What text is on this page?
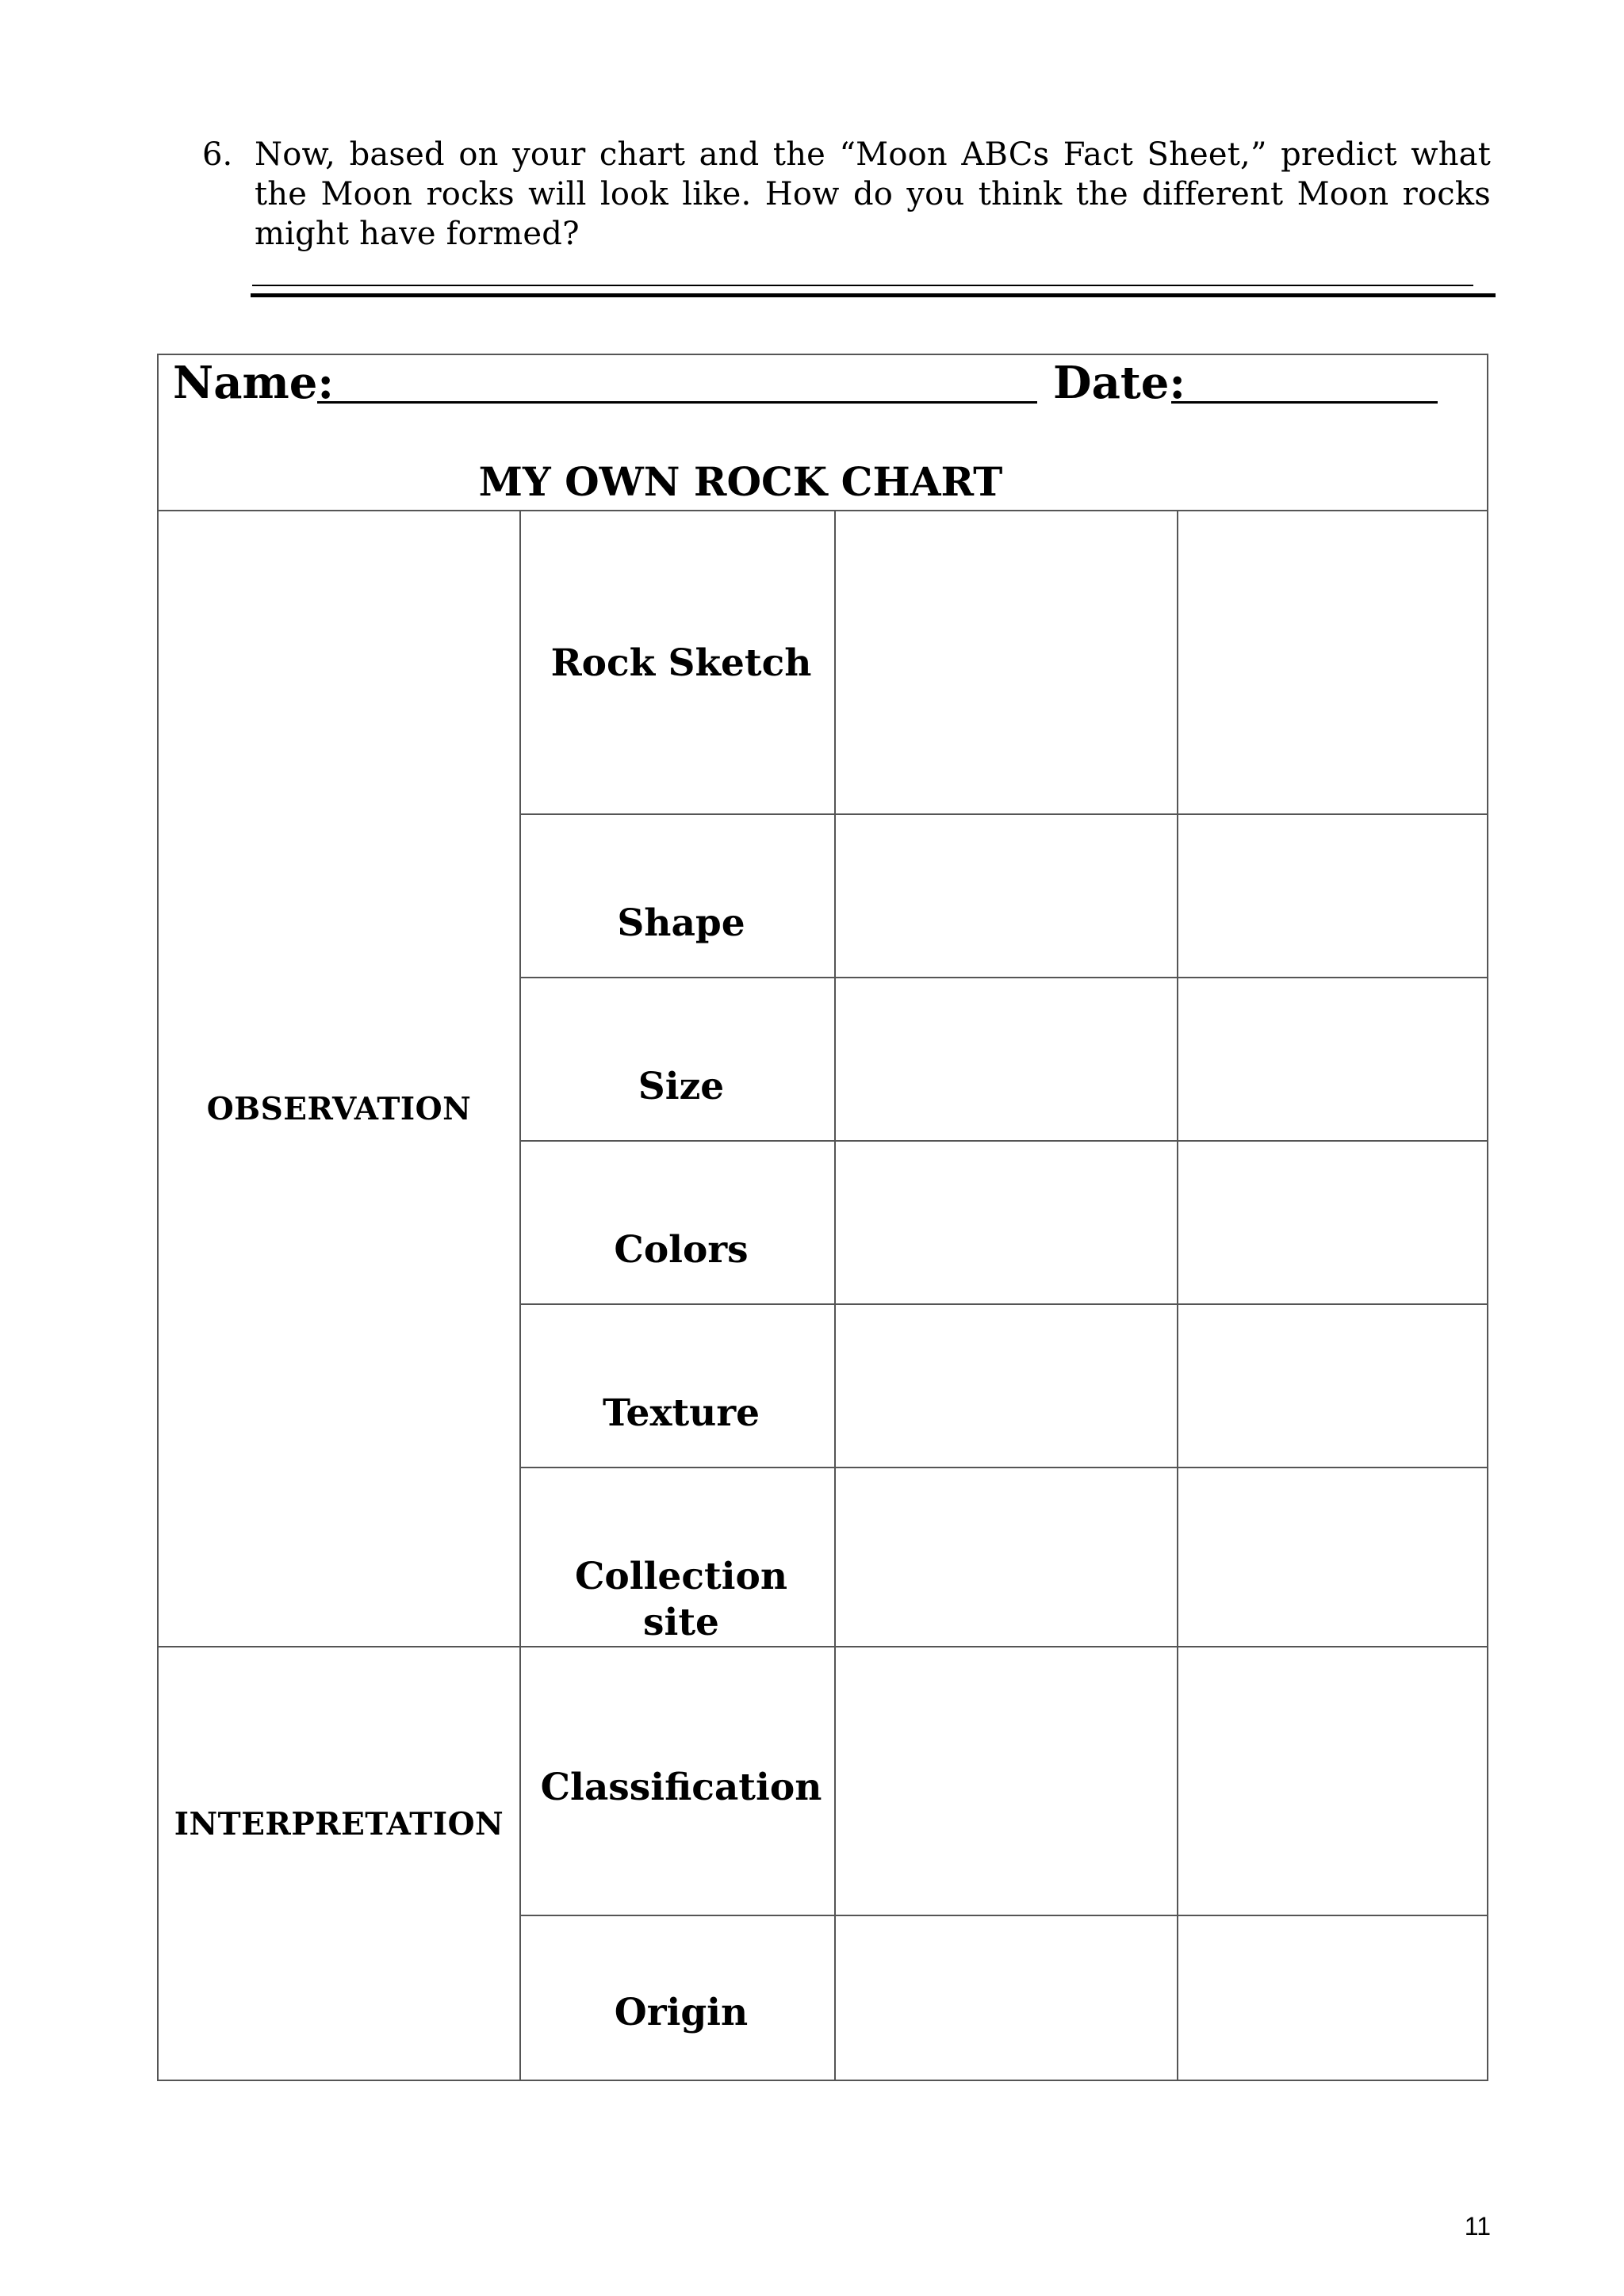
6. Now, based on your chart and the “Moon ABCs Fact Sheet,” predict what the Moon rocks will look like. How do you think the different Moon rocks might have formed?
Name:	Date:
MY OWN ROCK CHART
OBSERVATION
INTERPRETATION
Rock Sketch
Shape
Size
Colors
Texture
Collection
site
Classification
Origin
11
